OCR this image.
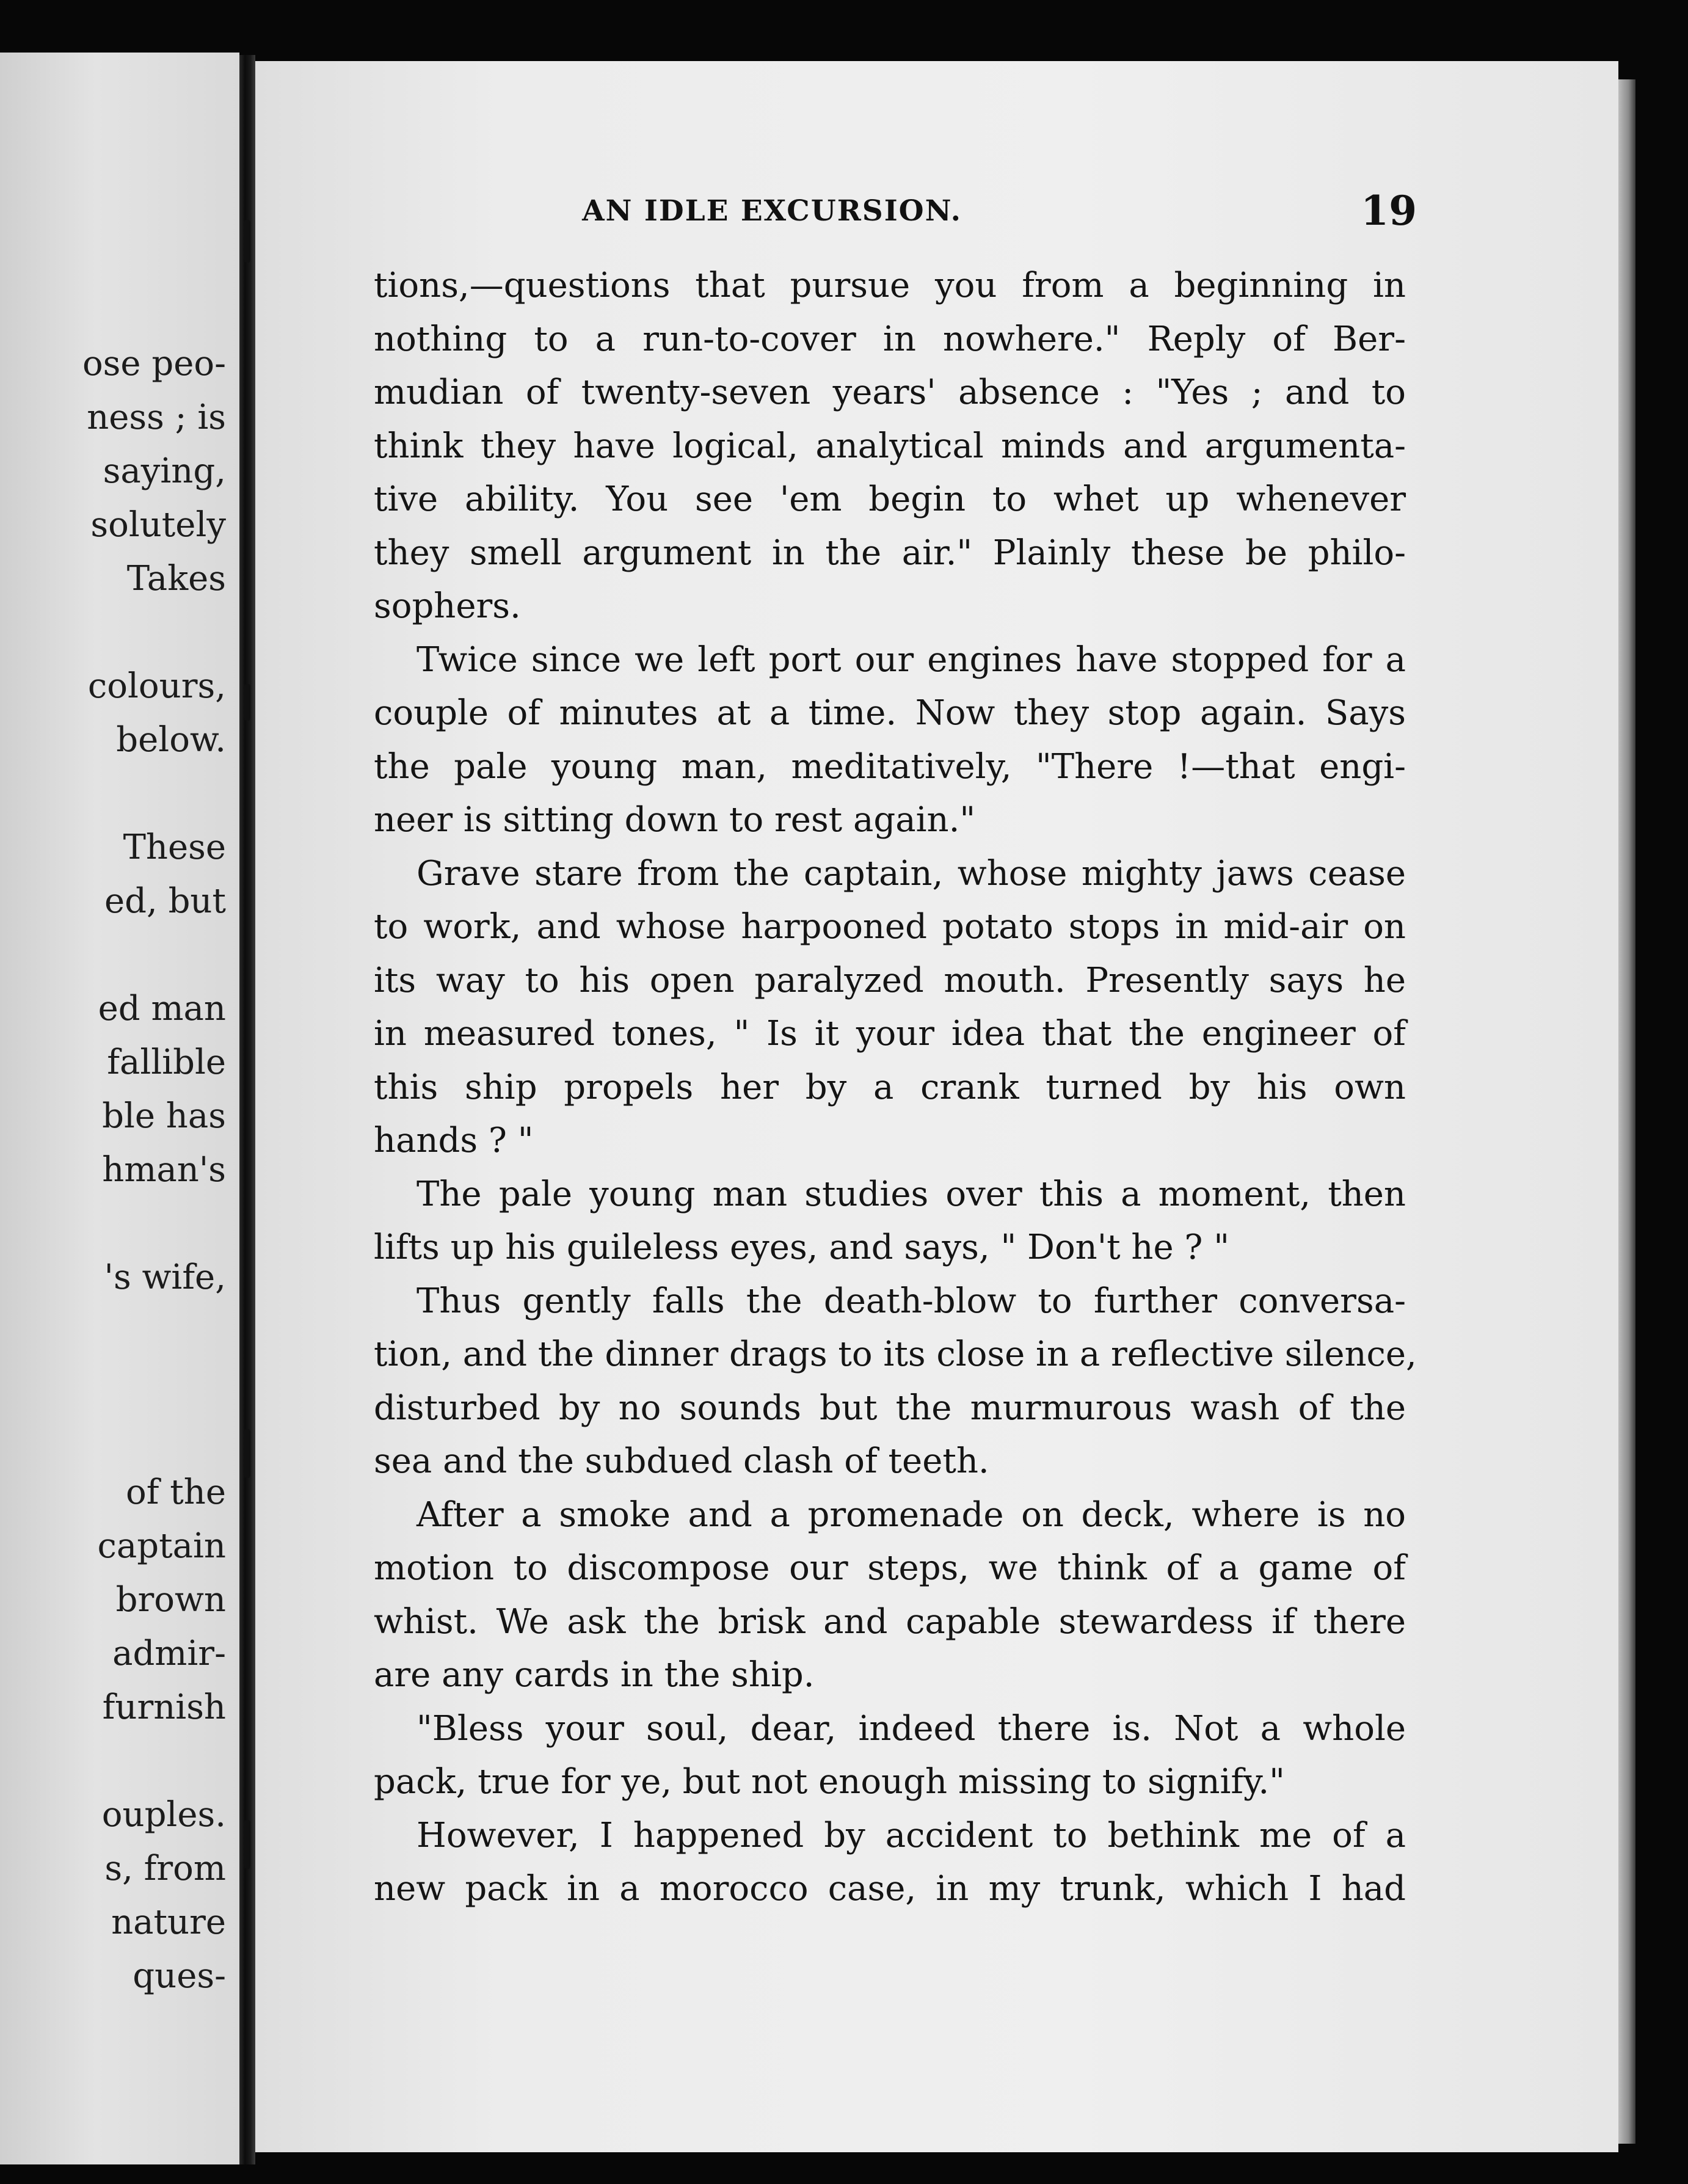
ose peo-
ness ; is
saying,
solutely
Takes
colours,
below.
These
ed, but
ed man
fallible
ble has
hman's
's wife,
of the
captain
brown
admir-
furnish
ouples.
s, from
nature
ques-
AN IDLE EXCURSION.	19
tions,—questions that pursue you from a beginning in
nothing to a run-to-cover in nowhere." Reply of Ber-
mudian of twenty-seven years' absence : "Yes ; and to
think they have logical, analytical minds and argumenta-
tive ability. You see 'em begin to whet up whenever
they smell argument in the air." Plainly these be philo-
sophers.
Twice since we left port our engines have stopped for a
couple of minutes at a time. Now they stop again. Says
the pale young man, meditatively, "There !—that engi-
neer is sitting down to rest again."
Grave stare from the captain, whose mighty jaws cease
to work, and whose harpooned potato stops in mid-air on
its way to his open paralyzed mouth. Presently says he
in measured tones, " Is it your idea that the engineer of
this ship propels her by a crank turned by his own
hands ? "
The pale young man studies over this a moment, then
lifts up his guileless eyes, and says, " Don't he ? "
Thus gently falls the death-blow to further conversa-
tion, and the dinner drags to its close in a reflective silence,
disturbed by no sounds but the murmurous wash of the
sea and the subdued clash of teeth.
After a smoke and a promenade on deck, where is no
motion to discompose our steps, we think of a game of
whist. We ask the brisk and capable stewardess if there
are any cards in the ship.
"Bless your soul, dear, indeed there is. Not a whole
pack, true for ye, but not enough missing to signify."
However, I happened by accident to bethink me of a
new pack in a morocco case, in my trunk, which I had
